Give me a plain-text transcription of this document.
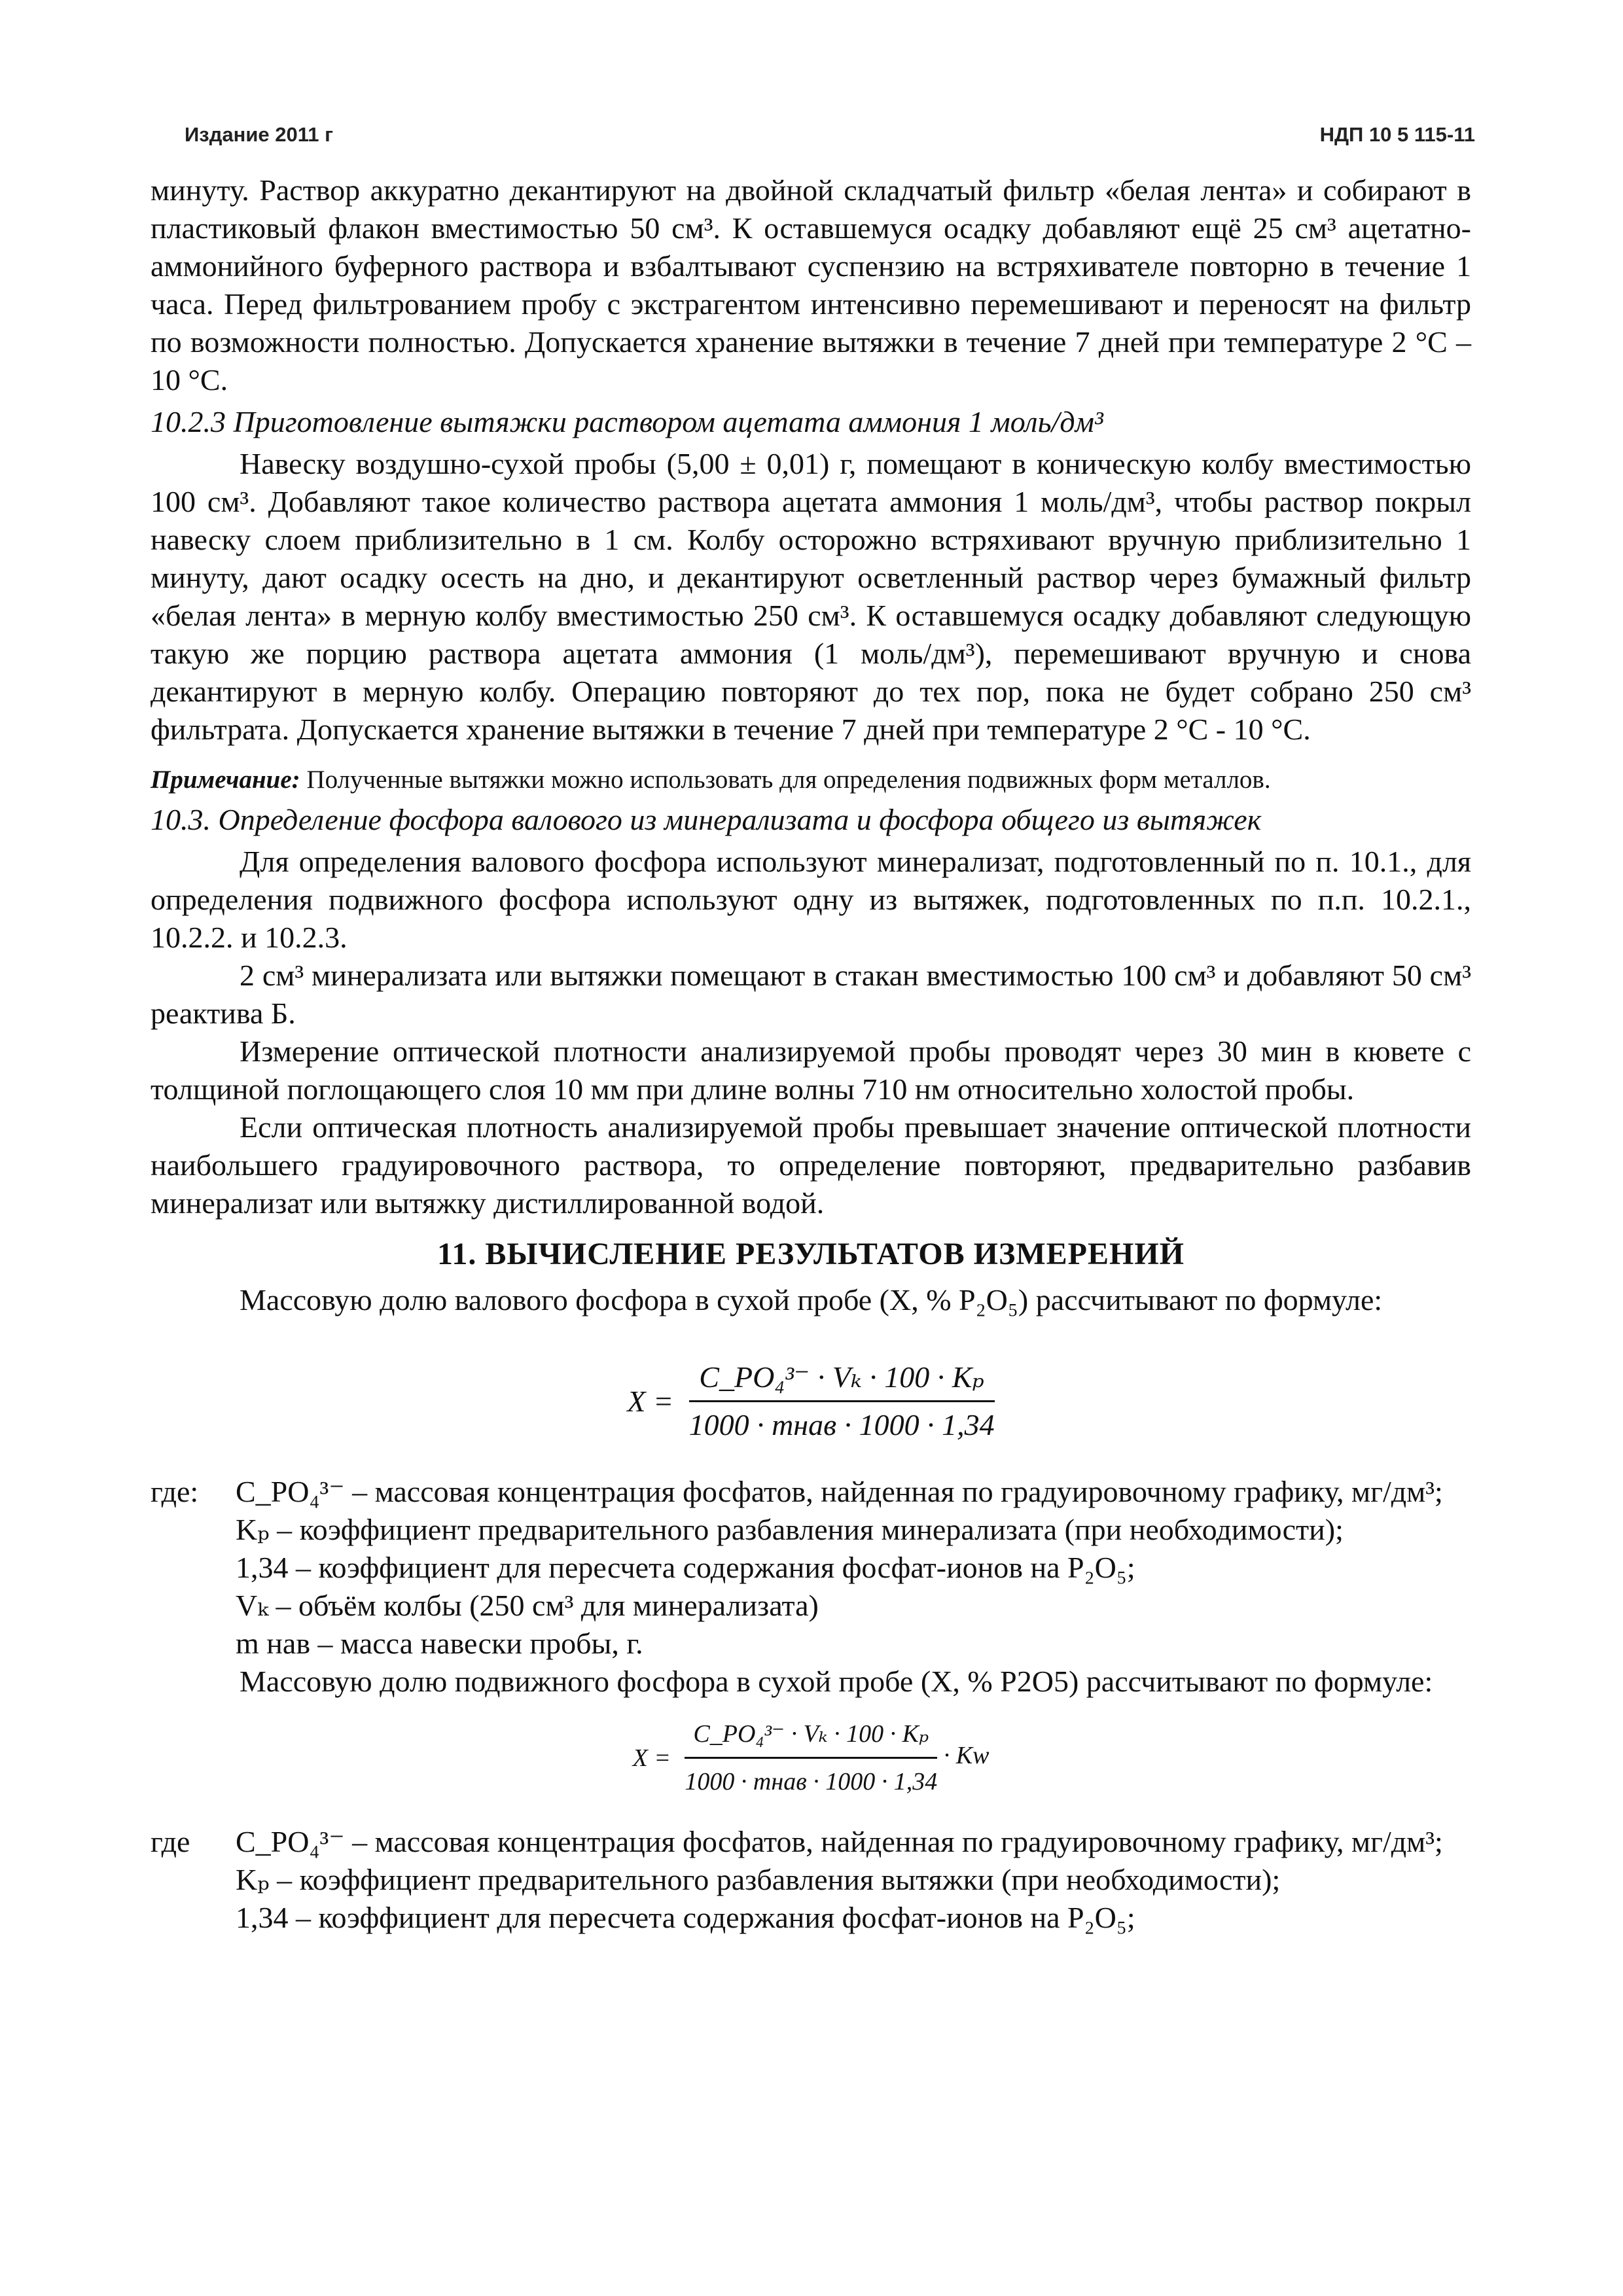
Издание 2011 г	НДП 10 5 115-11

минуту. Раствор аккуратно декантируют на двойной складчатый фильтр «белая лента» и собирают в пластиковый флакон вместимостью 50 см³. К оставшемуся осадку добавляют ещё 25 см³ ацетатно-аммонийного буферного раствора и взбалтывают суспензию на встряхивателе повторно в течение 1 часа. Перед фильтрованием пробу с экстрагентом интенсивно перемешивают и переносят на фильтр по возможности полностью. Допускается хранение вытяжки в течение 7 дней при температуре 2 °C – 10 °C.

10.2.3 Приготовление вытяжки раствором ацетата аммония 1 моль/дм³

Навеску воздушно-сухой пробы (5,00 ± 0,01) г, помещают в коническую колбу вместимостью 100 см³. Добавляют такое количество раствора ацетата аммония 1 моль/дм³, чтобы раствор покрыл навеску слоем приблизительно в 1 см. Колбу осторожно встряхивают вручную приблизительно 1 минуту, дают осадку осесть на дно, и декантируют осветленный раствор через бумажный фильтр «белая лента» в мерную колбу вместимостью 250 см³. К оставшемуся осадку добавляют следующую такую же порцию раствора ацетата аммония (1 моль/дм³), перемешивают вручную и снова декантируют в мерную колбу. Операцию повторяют до тех пор, пока не будет собрано 250 см³ фильтрата. Допускается хранение вытяжки в течение 7 дней при температуре 2 °C - 10 °C.

Примечание: Полученные вытяжки можно использовать для определения подвижных форм металлов.

10.3. Определение фосфора валового из минерализата и фосфора общего из вытяжек

Для определения валового фосфора используют минерализат, подготовленный по п. 10.1., для определения подвижного фосфора используют одну из вытяжек, подготовленных по п.п. 10.2.1., 10.2.2. и 10.2.3.

2 см³ минерализата или вытяжки помещают в стакан вместимостью 100 см³ и добавляют 50 см³ реактива Б.

Измерение оптической плотности анализируемой пробы проводят через 30 мин в кювете с толщиной поглощающего слоя 10 мм при длине волны 710 нм относительно холостой пробы.

Если оптическая плотность анализируемой пробы превышает значение оптической плотности наибольшего градуировочного раствора, то определение повторяют, предварительно разбавив минерализат или вытяжку дистиллированной водой.

11. ВЫЧИСЛЕНИЕ РЕЗУЛЬТАТОВ ИЗМЕРЕНИЙ

Массовую долю валового фосфора в сухой пробе (X, % P₂O₅) рассчитывают по формуле:

$X = \frac{\text{C\_PO₄³⁻ · Vₖ · 100 · Kₚ}}{\text{1000 · mнав · 1000 · 1,34}}$
где:	C_PO₄³⁻ – массовая концентрация фосфатов, найденная по градуировочному графику, мг/дм³;
Kₚ – коэффициент предварительного разбавления минерализата (при необходимости);
1,34 – коэффициент для пересчета содержания фосфат-ионов на P₂O₅;
Vₖ – объём колбы (250 см³ для минерализата)
m нав – масса навески пробы, г.

Массовую долю подвижного фосфора в сухой пробе (X, % P2O5) рассчитывают по формуле:

$X = \frac{\text{C\_PO₄³⁻ · Vₖ · 100 · Kₚ}}{\text{1000 · mнав · 1000 · 1,34}} \cdot Kw$
где	C_PO₄³⁻ – массовая концентрация фосфатов, найденная по градуировочному графику, мг/дм³;
Kₚ – коэффициент предварительного разбавления вытяжки (при необходимости);
1,34 – коэффициент для пересчета содержания фосфат-ионов на P₂O₅;
